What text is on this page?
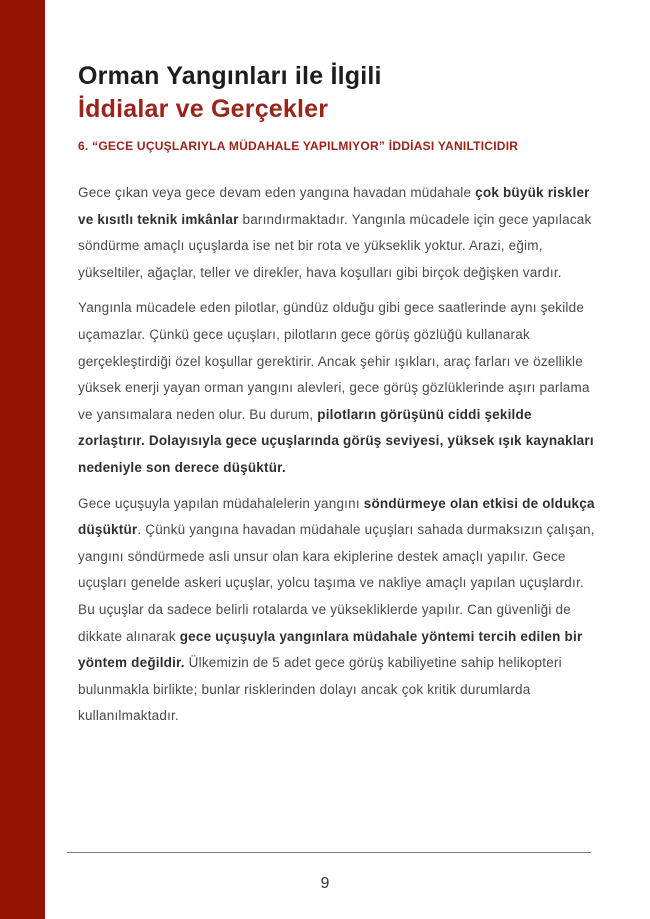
Orman Yangınları ile İlgili
İddialar ve Gerçekler
6. “GECE UÇUŞLARIYLA MÜDAHALE YAPILMIYOR” İDDİASI YANILTICIDIR

Gece çıkan veya gece devam eden yangına havadan müdahale çok büyük riskler ve kısıtlı teknik imkânlar barındırmaktadır. Yangınla mücadele için gece yapılacak söndürme amaçlı uçuşlarda ise net bir rota ve yükseklik yoktur. Arazi, eğim, yükseltiler, ağaçlar, teller ve direkler, hava koşulları gibi birçok değişken vardır.

Yangınla mücadele eden pilotlar, gündüz olduğu gibi gece saatlerinde aynı şekilde uçamazlar. Çünkü gece uçuşları, pilotların gece görüş gözlüğü kullanarak gerçekleştirdiği özel koşullar gerektirir. Ancak şehir ışıkları, araç farları ve özellikle yüksek enerji yayan orman yangını alevleri, gece görüş gözlüklerinde aşırı parlama ve yansımalara neden olur. Bu durum, pilotların görüşünü ciddi şekilde zorlaştırır. Dolayısıyla gece uçuşlarında görüş seviyesi, yüksek ışık kaynakları nedeniyle son derece düşüktür.

Gece uçuşuyla yapılan müdahalelerin yangını söndürmeye olan etkisi de oldukça düşüktür. Çünkü yangına havadan müdahale uçuşları sahada durmaksızın çalışan, yangını söndürmede asli unsur olan kara ekiplerine destek amaçlı yapılır. Gece uçuşları genelde askeri uçuşlar, yolcu taşıma ve nakliye amaçlı yapılan uçuşlardır. Bu uçuşlar da sadece belirli rotalarda ve yüksekliklerde yapılır. Can güvenliği de dikkate alınarak gece uçuşuyla yangınlara müdahale yöntemi tercih edilen bir yöntem değildir. Ülkemizin de 5 adet gece görüş kabiliyetine sahip helikopteri bulunmakla birlikte; bunlar risklerinden dolayı ancak çok kritik durumlarda kullanılmaktadır.

9
